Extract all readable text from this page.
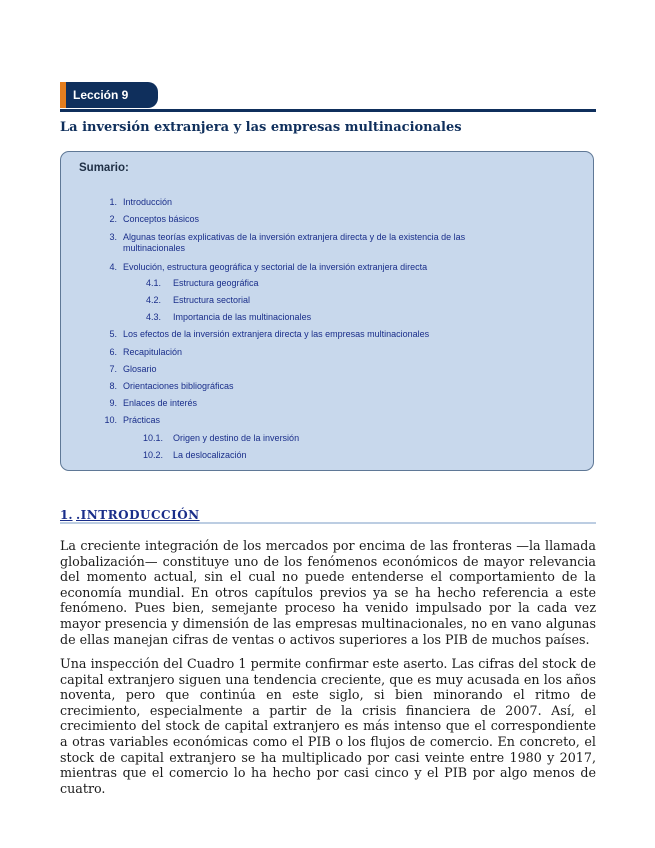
Lección 9
La inversión extranjera y las empresas multinacionales
Sumario:
1. Introducción
2. Conceptos básicos
3. Algunas teorías explicativas de la inversión extranjera directa y de la existencia de las
multinacionales
4. Evolución, estructura geográfica y sectorial de la inversión extranjera directa
4.1. Estructura geográfica
4.2. Estructura sectorial
4.3. Importancia de las multinacionales
5. Los efectos de la inversión extranjera directa y las empresas multinacionales
6. Recapitulación
7. Glosario
8. Orientaciones bibliográficas
9. Enlaces de interés
10. Prácticas
10.1. Origen y destino de la inversión
10.2. La deslocalización
1. .INTRODUCCIÓN

La creciente integración de los mercados por encima de las fronteras —la llamada globalización— constituye uno de los fenómenos económicos de mayor relevancia del momento actual, sin el cual no puede entenderse el comportamiento de la economía mundial. En otros capítulos previos ya se ha hecho referencia a este fenómeno. Pues bien, semejante proceso ha venido impulsado por la cada vez mayor presencia y dimensión de las empresas multinacionales, no en vano algunas de ellas manejan cifras de ventas o activos superiores a los PIB de muchos países.

Una inspección del Cuadro 1 permite confirmar este aserto. Las cifras del stock de capital extranjero siguen una tendencia creciente, que es muy acusada en los años noventa, pero que continúa en este siglo, si bien minorando el ritmo de crecimiento, especialmente a partir de la crisis financiera de 2007. Así, el crecimiento del stock de capital extranjero es más intenso que el correspondiente a otras variables económicas como el PIB o los flujos de comercio. En concreto, el stock de capital extranjero se ha multiplicado por casi veinte entre 1980 y 2017, mientras que el comercio lo ha hecho por casi cinco y el PIB por algo menos de cuatro.
